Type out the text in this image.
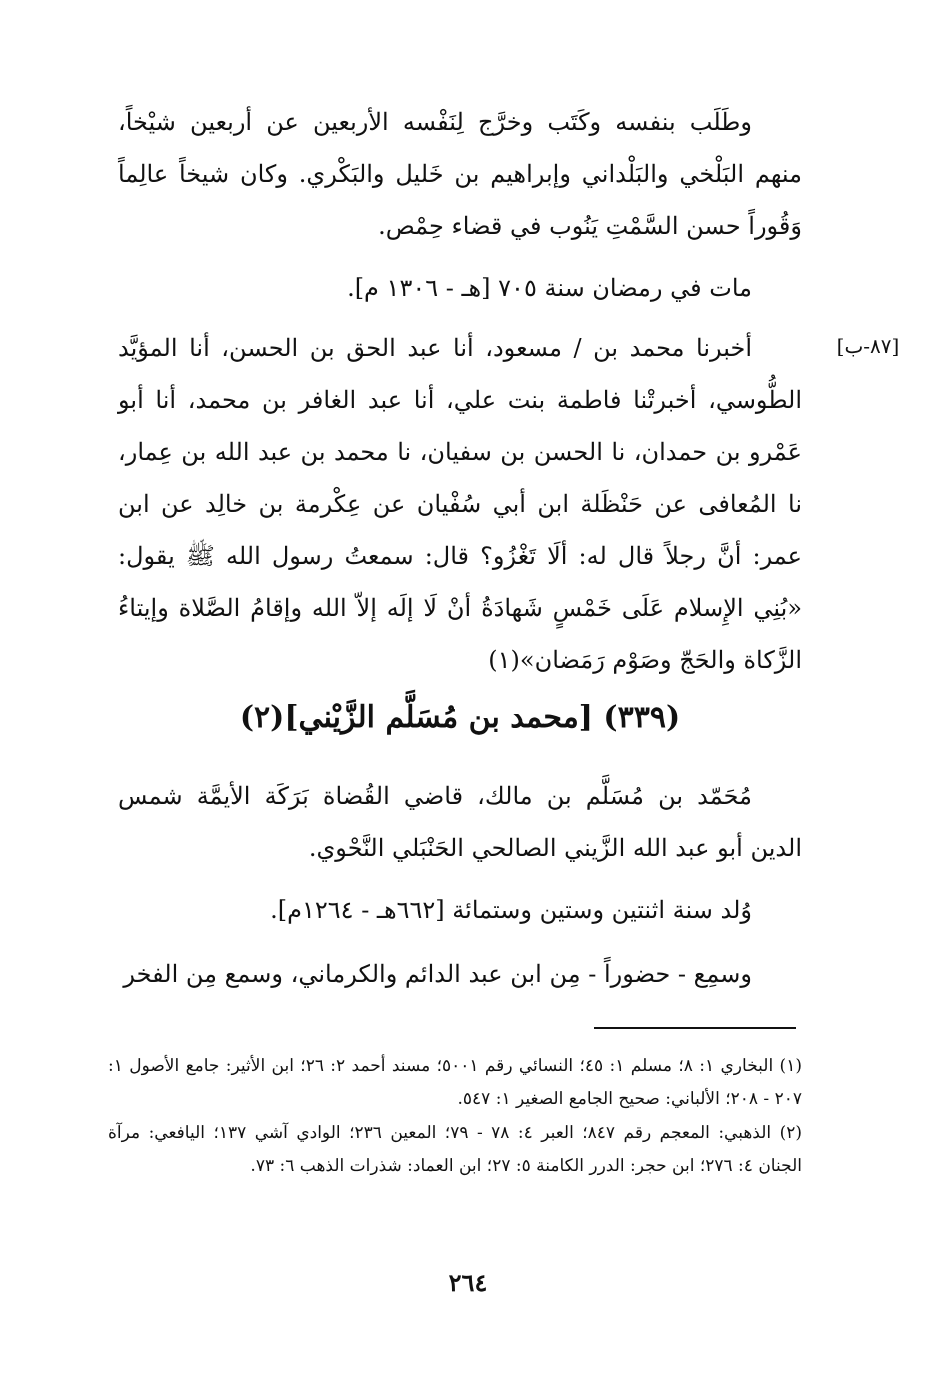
وطَلَب بنفسه وكَتَب وخرَّج لِنَفْسه الأربعين عن أربعين شيْخاً، منهم البَلْخي والبَلْداني وإبراهيم بن خَليل والبَكْري. وكان شيخاً عالِماً وَقُوراً حسن السَّمْتِ يَنُوب في قضاء حِمْص.

مات في رمضان سنة ٧٠٥ [هـ - ١٣٠٦ م].

[٨٧-ب]

أخبرنا محمد بن / مسعود، أنا عبد الحق بن الحسن، أنا المؤيَّد الطُّوسي، أخبرتْنا فاطمة بنت علي، أنا عبد الغافر بن محمد، أنا أبو عَمْرو بن حمدان، نا الحسن بن سفيان، نا محمد بن عبد الله بن عِمار، نا المُعافى عن حَنْظَلة ابن أبي سُفْيان عن عِكْرمة بن خالِد عن ابن عمر: أنَّ رجلاً قال له: ألَا تَغْزُو؟ قال: سمعتُ رسول الله ﷺ يقول: «بُنِي الإِسلام عَلَى خَمْسٍ شَهادَةُ أنْ لَا إلَه إلاّ الله وإقامُ الصَّلاة وإيتاءُ الزَّكاة والحَجّ وصَوْم رَمَضان»(١)

(٣٣٩) [محمد بن مُسَلَّم الزَّيْني](٢)

مُحَمّد بن مُسَلَّم بن مالك، قاضي القُضاة بَرَكَة الأيمَّة شمس الدين أبو عبد الله الزَّيني الصالحي الحَنْبَلي النَّحْوي.

وُلد سنة اثنتين وستين وستمائة [٦٦٢هـ - ١٢٦٤م].

وسمِع - حضوراً - مِن ابن عبد الدائم والكرماني، وسمع مِن الفخر

(١) البخاري ١: ٨؛ مسلم ١: ٤٥؛ النسائي رقم ٥٠٠١؛ مسند أحمد ٢: ٢٦؛ ابن الأثير: جامع الأصول ١: ٢٠٧ - ٢٠٨؛ الألباني: صحيح الجامع الصغير ١: ٥٤٧.

(٢) الذهبي: المعجم رقم ٨٤٧؛ العبر ٤: ٧٨ - ٧٩؛ المعين ٢٣٦؛ الوادي آشي ١٣٧؛ اليافعي: مرآة الجنان ٤: ٢٧٦؛ ابن حجر: الدرر الكامنة ٥: ٢٧؛ ابن العماد: شذرات الذهب ٦: ٧٣.

٢٦٤
